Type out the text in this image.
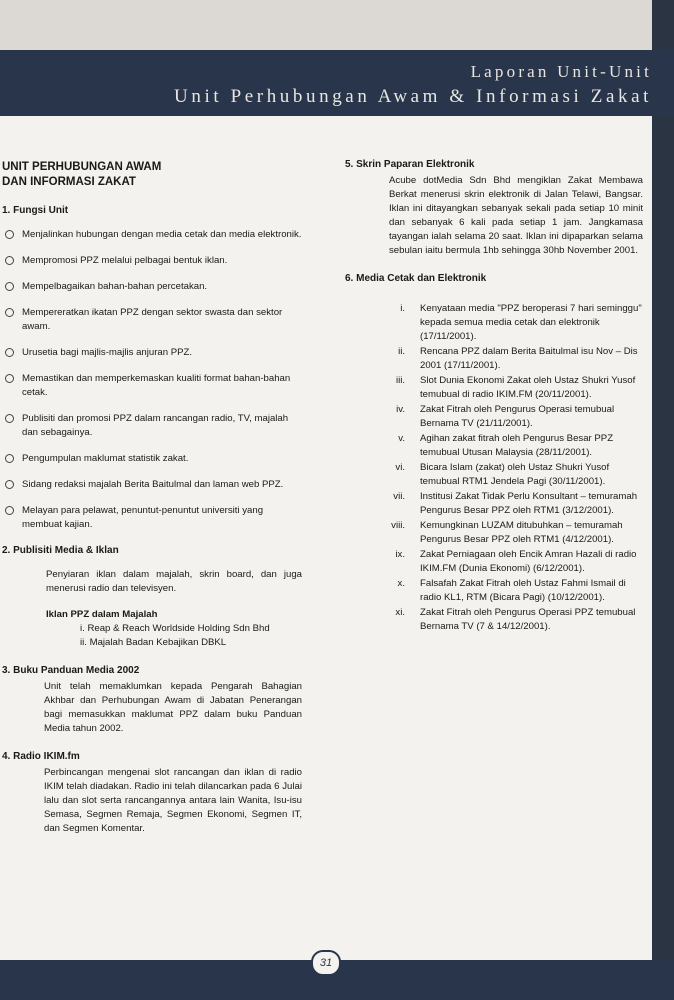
Laporan Unit-Unit
Unit Perhubungan Awam & Informasi Zakat
UNIT PERHUBUNGAN AWAM
DAN INFORMASI ZAKAT
1. Fungsi Unit
Menjalinkan hubungan dengan media cetak dan media elektronik.
Mempromosi PPZ melalui pelbagai bentuk iklan.
Mempelbagaikan bahan-bahan percetakan.
Mempereratkan ikatan PPZ dengan sektor swasta dan sektor awam.
Urusetia bagi majlis-majlis anjuran PPZ.
Memastikan dan memperkemaskan kualiti format bahan-bahan cetak.
Publisiti dan promosi PPZ dalam rancangan radio, TV, majalah dan sebagainya.
Pengumpulan maklumat statistik zakat.
Sidang redaksi majalah Berita Baitulmal dan laman web PPZ.
Melayan para pelawat, penuntut-penuntut universiti yang membuat kajian.
2. Publisiti Media & Iklan
Penyiaran iklan dalam majalah, skrin board, dan juga menerusi radio dan televisyen.
Iklan PPZ dalam Majalah
i. Reap & Reach Worldside Holding Sdn Bhd
ii. Majalah Badan Kebajikan DBKL
3. Buku Panduan Media 2002
Unit telah memaklumkan kepada Pengarah Bahagian Akhbar dan Perhubungan Awam di Jabatan Penerangan bagi memasukkan maklumat PPZ dalam buku Panduan Media tahun 2002.
4. Radio IKIM.fm
Perbincangan mengenai slot rancangan dan iklan di radio IKIM telah diadakan. Radio ini telah dilancarkan pada 6 Julai lalu dan slot serta rancangannya antara lain Wanita, Isu-isu Semasa, Segmen Remaja, Segmen Ekonomi, Segmen IT, dan Segmen Komentar.
5. Skrin Paparan Elektronik
Acube dotMedia Sdn Bhd mengiklan Zakat Membawa Berkat menerusi skrin elektronik di Jalan Telawi, Bangsar. Iklan ini ditayangkan sebanyak sekali pada setiap 10 minit dan sebanyak 6 kali pada setiap 1 jam. Jangkamasa tayangan ialah selama 20 saat. Iklan ini dipaparkan selama sebulan iaitu bermula 1hb sehingga 30hb November 2001.
6. Media Cetak dan Elektronik
i. Kenyataan media "PPZ beroperasi 7 hari seminggu" kepada semua media cetak dan elektronik (17/11/2001).
ii. Rencana PPZ dalam Berita Baitulmal isu Nov – Dis 2001 (17/11/2001).
iii. Slot Dunia Ekonomi Zakat oleh Ustaz Shukri Yusof temubual di radio IKIM.FM (20/11/2001).
iv. Zakat Fitrah oleh Pengurus Operasi temubual Bernama TV (21/11/2001).
v. Agihan zakat fitrah oleh Pengurus Besar PPZ temubual Utusan Malaysia (28/11/2001).
vi. Bicara Islam (zakat) oleh Ustaz Shukri Yusof temubual RTM1 Jendela Pagi (30/11/2001).
vii. Institusi Zakat Tidak Perlu Konsultant – temuramah Pengurus Besar PPZ oleh RTM1 (3/12/2001).
viii. Kemungkinan LUZAM ditubuhkan – temuramah Pengurus Besar PPZ oleh RTM1 (4/12/2001).
ix. Zakat Perniagaan oleh Encik Amran Hazali di radio IKIM.FM (Dunia Ekonomi) (6/12/2001).
x. Falsafah Zakat Fitrah oleh Ustaz Fahmi Ismail di radio KL1, RTM (Bicara Pagi) (10/12/2001).
xi. Zakat Fitrah oleh Pengurus Operasi PPZ temubual Bernama TV (7 & 14/12/2001).
31
